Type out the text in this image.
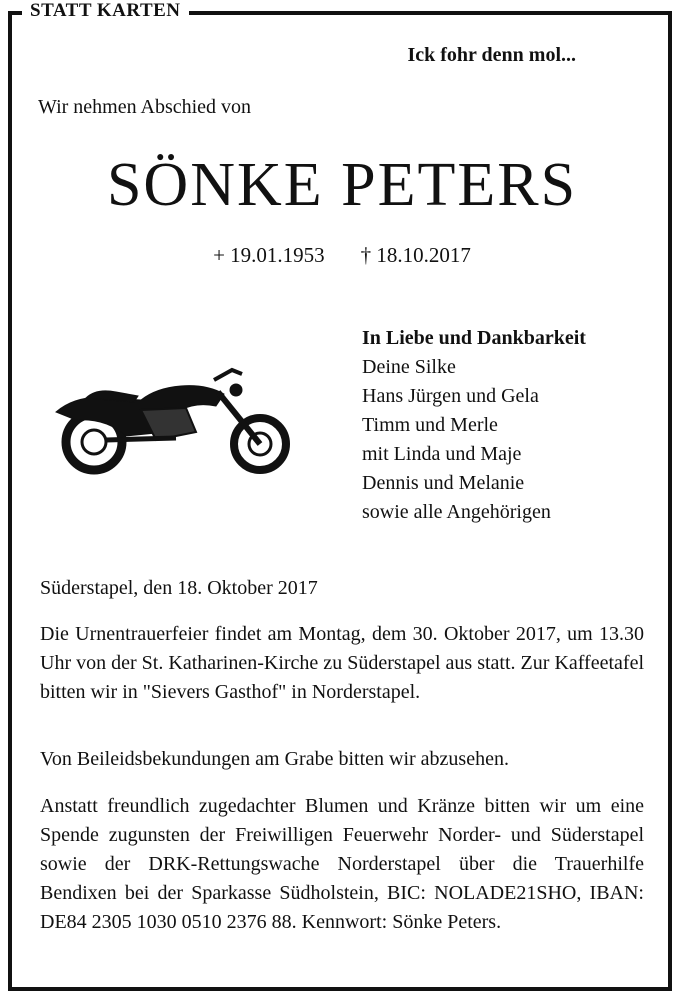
STATT KARTEN
Ick fohr denn mol...
Wir nehmen Abschied von
SÖNKE PETERS
+ 19.01.1953 † 18.10.2017
In Liebe und Dankbarkeit
Deine Silke
Hans Jürgen und Gela
Timm und Merle
mit Linda und Maje
Dennis und Melanie
sowie alle Angehörigen
Süderstapel, den 18. Oktober 2017
Die Urnentrauerfeier findet am Montag, dem 30. Oktober 2017, um 13.30 Uhr von der St. Katharinen-Kirche zu Süderstapel aus statt. Zur Kaffeetafel bitten wir in "Sievers Gasthof" in Norderstapel.
Von Beileidsbekundungen am Grabe bitten wir abzusehen.
Anstatt freundlich zugedachter Blumen und Kränze bitten wir um eine Spende zugunsten der Freiwilligen Feuerwehr Norder- und Süderstapel sowie der DRK-Rettungswache Norderstapel über die Trauerhilfe Bendixen bei der Sparkasse Südholstein, BIC: NOLADE21SHO, IBAN: DE84 2305 1030 0510 2376 88. Kennwort: Sönke Peters.
